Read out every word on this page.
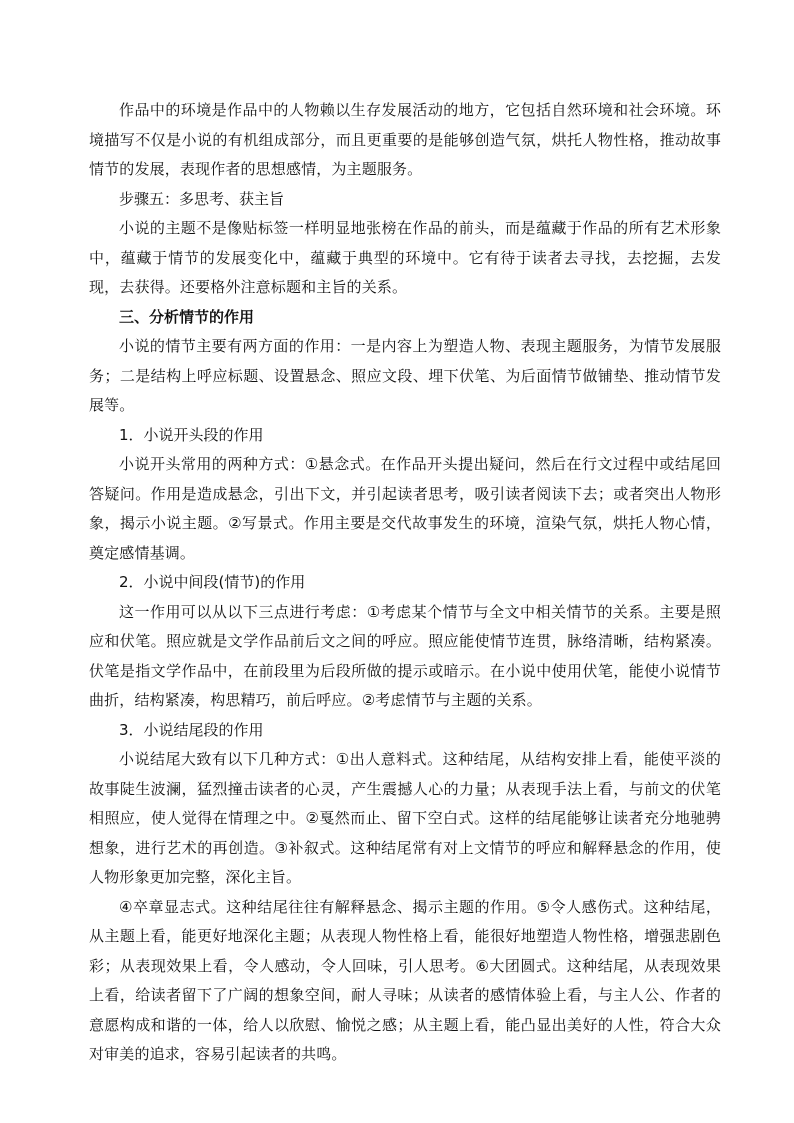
作品中的环境是作品中的人物赖以生存发展活动的地方，它包括自然环境和社会环境。环境描写不仅是小说的有机组成部分，而且更重要的是能够创造气氛，烘托人物性格，推动故事情节的发展，表现作者的思想感情，为主题服务。

步骤五：多思考、获主旨

小说的主题不是像贴标签一样明显地张榜在作品的前头，而是蕴藏于作品的所有艺术形象中，蕴藏于情节的发展变化中，蕴藏于典型的环境中。它有待于读者去寻找，去挖掘，去发现，去获得。还要格外注意标题和主旨的关系。

三、分析情节的作用

小说的情节主要有两方面的作用：一是内容上为塑造人物、表现主题服务，为情节发展服务；二是结构上呼应标题、设置悬念、照应文段、埋下伏笔、为后面情节做铺垫、推动情节发展等。

1．小说开头段的作用

小说开头常用的两种方式：①悬念式。在作品开头提出疑问，然后在行文过程中或结尾回答疑问。作用是造成悬念，引出下文，并引起读者思考，吸引读者阅读下去；或者突出人物形象，揭示小说主题。②写景式。作用主要是交代故事发生的环境，渲染气氛，烘托人物心情，奠定感情基调。

2．小说中间段(情节)的作用

这一作用可以从以下三点进行考虑：①考虑某个情节与全文中相关情节的关系。主要是照应和伏笔。照应就是文学作品前后文之间的呼应。照应能使情节连贯，脉络清晰，结构紧凑。伏笔是指文学作品中，在前段里为后段所做的提示或暗示。在小说中使用伏笔，能使小说情节曲折，结构紧凑，构思精巧，前后呼应。②考虑情节与主题的关系。

3．小说结尾段的作用

小说结尾大致有以下几种方式：①出人意料式。这种结尾，从结构安排上看，能使平淡的故事陡生波澜，猛烈撞击读者的心灵，产生震撼人心的力量；从表现手法上看，与前文的伏笔相照应，使人觉得在情理之中。②戛然而止、留下空白式。这样的结尾能够让读者充分地驰骋想象，进行艺术的再创造。③补叙式。这种结尾常有对上文情节的呼应和解释悬念的作用，使人物形象更加完整，深化主旨。

④卒章显志式。这种结尾往往有解释悬念、揭示主题的作用。⑤令人感伤式。这种结尾，从主题上看，能更好地深化主题；从表现人物性格上看，能很好地塑造人物性格，增强悲剧色彩；从表现效果上看，令人感动，令人回味，引人思考。⑥大团圆式。这种结尾，从表现效果上看，给读者留下了广阔的想象空间，耐人寻味；从读者的感情体验上看，与主人公、作者的意愿构成和谐的一体，给人以欣慰、愉悦之感；从主题上看，能凸显出美好的人性，符合大众对审美的追求，容易引起读者的共鸣。
